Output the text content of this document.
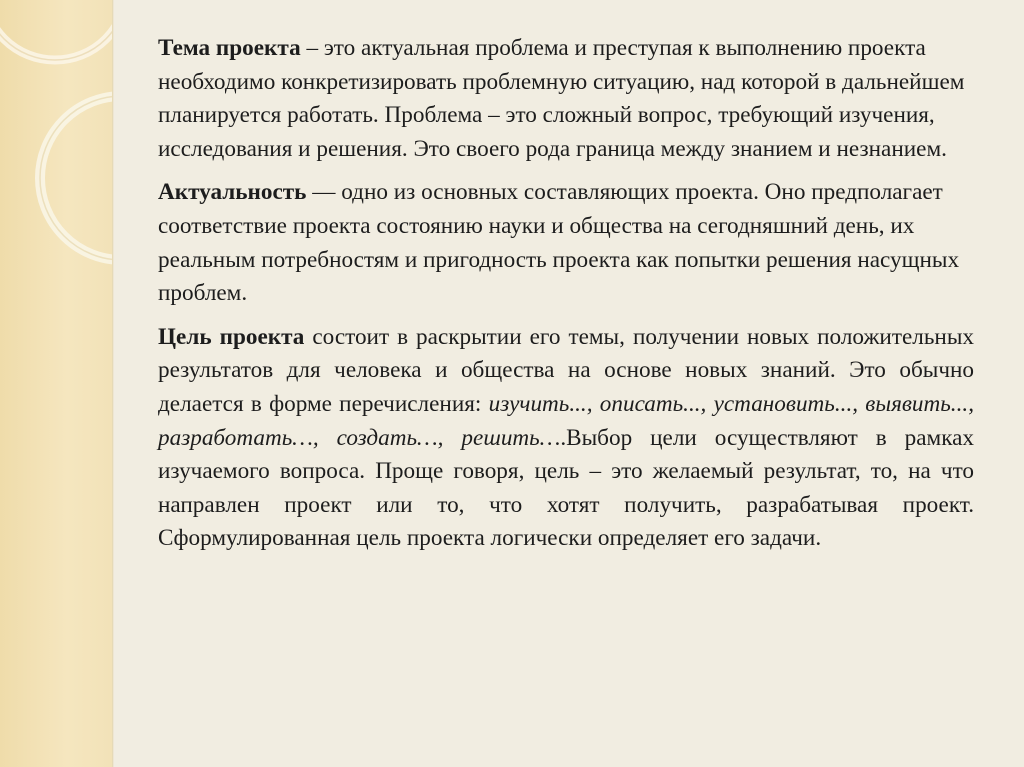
Тема проекта – это актуальная проблема и преступая к выполнению проекта необходимо конкретизировать проблемную ситуацию, над которой в дальнейшем планируется работать. Проблема – это сложный вопрос, требующий изучения, исследования и решения. Это своего рода граница между знанием и незнанием.

Актуальность — одно из основных составляющих проекта. Оно предполагает соответствие проекта состоянию науки и общества на сегодняшний день, их реальным потребностям и пригодность проекта как попытки решения насущных проблем.

Цель проекта состоит в раскрытии его темы, получении новых положительных результатов для человека и общества на основе новых знаний. Это обычно делается в форме перечисления: изучить..., описать..., установить..., выявить..., разработать…, создать…, решить….Выбор цели осуществляют в рамках изучаемого вопроса. Проще говоря, цель – это желаемый результат, то, на что направлен проект или то, что хотят получить, разрабатывая проект. Сформулированная цель проекта логически определяет его задачи.
